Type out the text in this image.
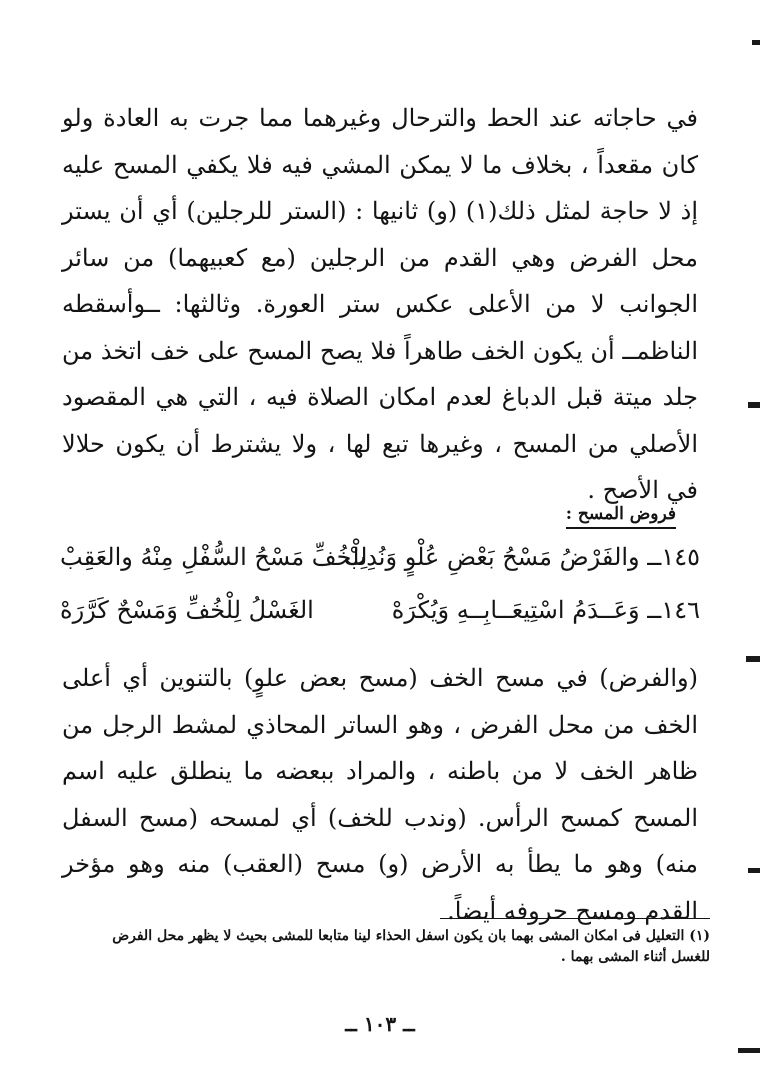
في حاجاته عند الحط والترحال وغيرهما مما جرت به العادة ولو كان مقعداً ، بخلاف ما لا يمكن المشي فيه فلا يكفي المسح عليه إذ لا حاجة لمثل ذلك(١) (و) ثانيها : (الستر للرجلين) أي أن يستر محل الفرض وهي القدم من الرجلين (مع كعبيهما) من سائر الجوانب لا من الأعلى عكس ستر العورة. وثالثها: ــوأسقطه الناظمــ أن يكون الخف طاهراً فلا يصح المسح على خف اتخذ من جلد ميتة قبل الدباغ لعدم امكان الصلاة فيه ، التي هي المقصود الأصلي من المسح ، وغيرها تبع لها ، ولا يشترط أن يكون حلالا في الأصح .

فروض المسح :
١٤٥ــ والفَرْضُ مَسْحُ بَعْضِ عُلْوٍ وَنُدِبْ
لِلْخُفِّ مَسْحُ السُّفْلِ مِنْهُ والعَقِبْ
١٤٦ــ وَعَــدَمُ اسْتِيعَــابِــهِ وَيُكْرَهْ
الغَسْلُ لِلْخُفِّ وَمَسْحٌ كَرَّرَهْ

(والفرض) في مسح الخف (مسح بعض علوٍ) بالتنوين أي أعلى الخف من محل الفرض ، وهو الساتر المحاذي لمشط الرجل من ظاهر الخف لا من باطنه ، والمراد ببعضه ما ينطلق عليه اسم المسح كمسح الرأس. (وندب للخف) أي لمسحه (مسح السفل منه) وهو ما يطأ به الأرض (و) مسح (العقب) منه وهو مؤخر القدم ومسح حروفه أيضاً.

(١) التعليل فى امكان المشى بهما بان يكون اسفل الحذاء لينا متابعا للمشى بحيث لا يظهر محل الفرض للغسل أثناء المشى بهما .

ــ ١٠٣ ــ
